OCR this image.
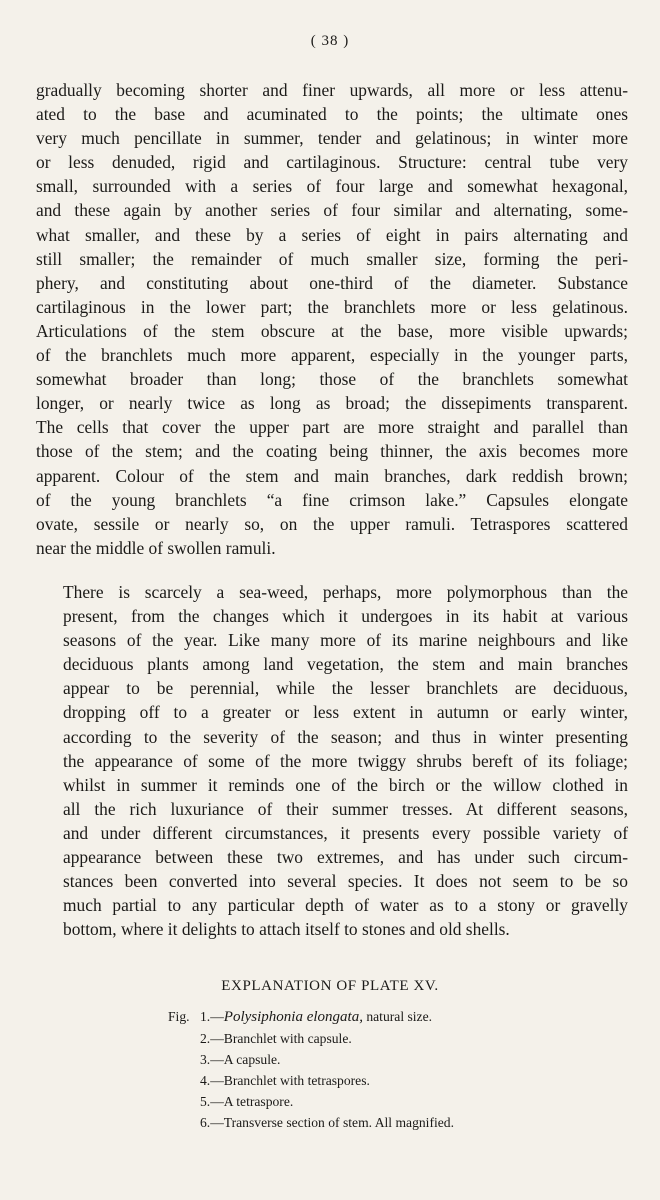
( 38 )
gradually becoming shorter and finer upwards, all more or less attenu-
ated to the base and acuminated to the points; the ultimate ones
very much pencillate in summer, tender and gelatinous; in winter more
or less denuded, rigid and cartilaginous. Structure: central tube very
small, surrounded with a series of four large and somewhat hexagonal,
and these again by another series of four similar and alternating, some-
what smaller, and these by a series of eight in pairs alternating and
still smaller; the remainder of much smaller size, forming the peri-
phery, and constituting about one-third of the diameter. Substance
cartilaginous in the lower part; the branchlets more or less gelatinous.
Articulations of the stem obscure at the base, more visible upwards;
of the branchlets much more apparent, especially in the younger parts,
somewhat broader than long; those of the branchlets somewhat
longer, or nearly twice as long as broad; the dissepiments transparent.
The cells that cover the upper part are more straight and parallel than
those of the stem; and the coating being thinner, the axis becomes more
apparent. Colour of the stem and main branches, dark reddish brown;
of the young branchlets “a fine crimson lake.” Capsules elongate
ovate, sessile or nearly so, on the upper ramuli. Tetraspores scattered
near the middle of swollen ramuli.
There is scarcely a sea-weed, perhaps, more polymorphous than the
present, from the changes which it undergoes in its habit at various
seasons of the year. Like many more of its marine neighbours and like
deciduous plants among land vegetation, the stem and main branches
appear to be perennial, while the lesser branchlets are deciduous,
dropping off to a greater or less extent in autumn or early winter,
according to the severity of the season; and thus in winter presenting
the appearance of some of the more twiggy shrubs bereft of its foliage;
whilst in summer it reminds one of the birch or the willow clothed in
all the rich luxuriance of their summer tresses. At different seasons,
and under different circumstances, it presents every possible variety of
appearance between these two extremes, and has under such circum-
stances been converted into several species. It does not seem to be so
much partial to any particular depth of water as to a stony or gravelly
bottom, where it delights to attach itself to stones and old shells.
EXPLANATION OF PLATE XV.
Fig. 1.—Polysiphonia elongata, natural size.
2.—Branchlet with capsule.
3.—A capsule.
4.—Branchlet with tetraspores.
5.—A tetraspore.
6.—Transverse section of stem. All magnified.
